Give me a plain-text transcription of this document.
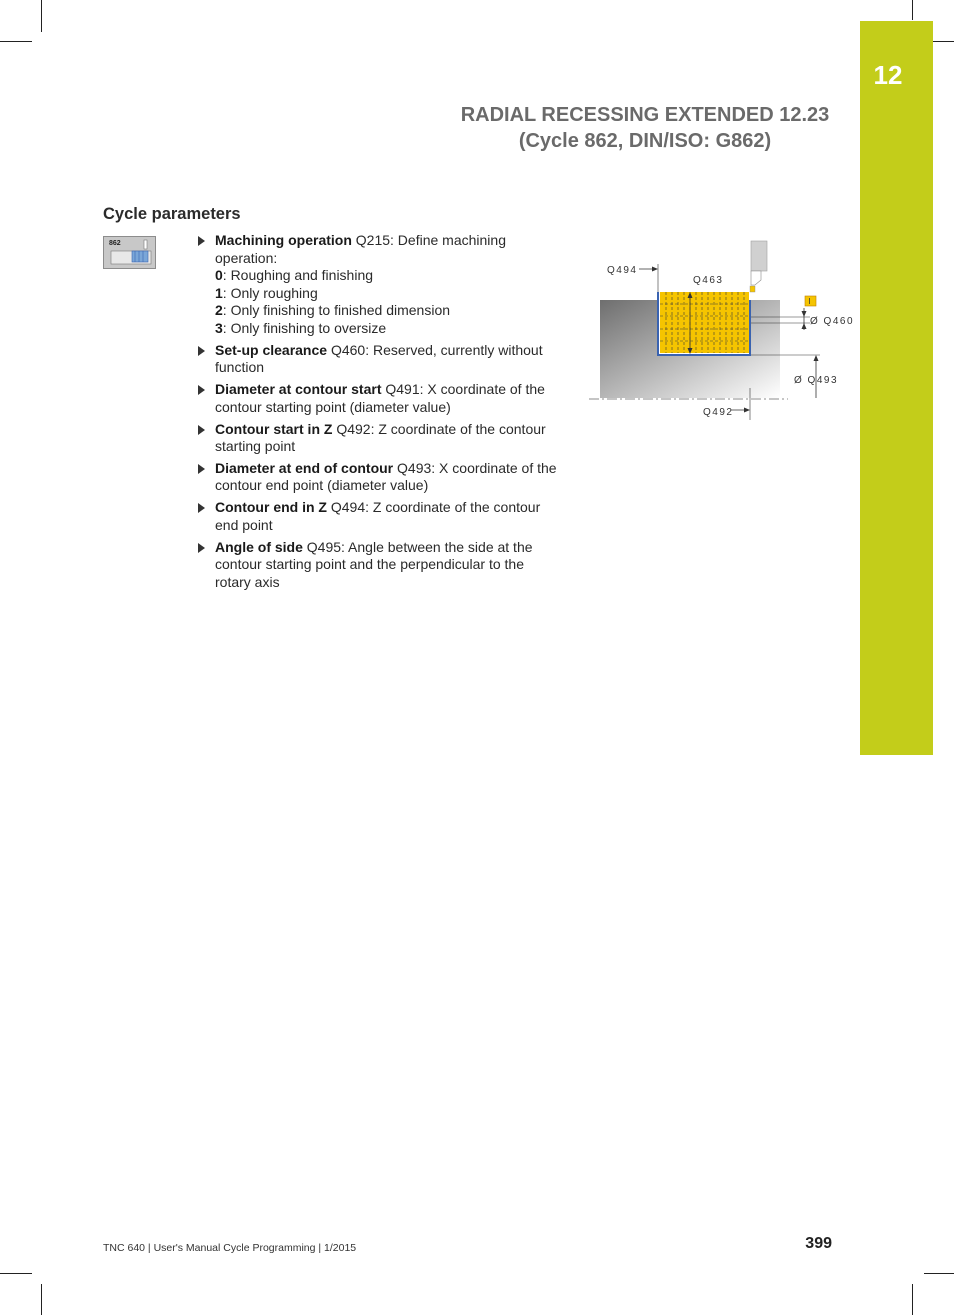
12
RADIAL RECESSING EXTENDED 12.23
(Cycle 862, DIN/ISO: G862)
Cycle parameters
862	Machining operation Q215: Define machining operation:
0: Roughing and finishing
1: Only roughing
2: Only finishing to finished dimension
3: Only finishing to oversize
Set-up clearance Q460: Reserved, currently without function
Diameter at contour start Q491: X coordinate of the contour starting point (diameter value)
Contour start in Z Q492: Z coordinate of the contour starting point
Diameter at end of contour Q493: X coordinate of the contour end point (diameter value)
Contour end in Z Q494: Z coordinate of the contour end point
Angle of side Q495: Angle between the side at the contour starting point and the perpendicular to the rotary axis
Q494
Q463
I
Ø Q460
Ø Q493
Q492
TNC 640 | User's Manual Cycle Programming | 1/2015	399
